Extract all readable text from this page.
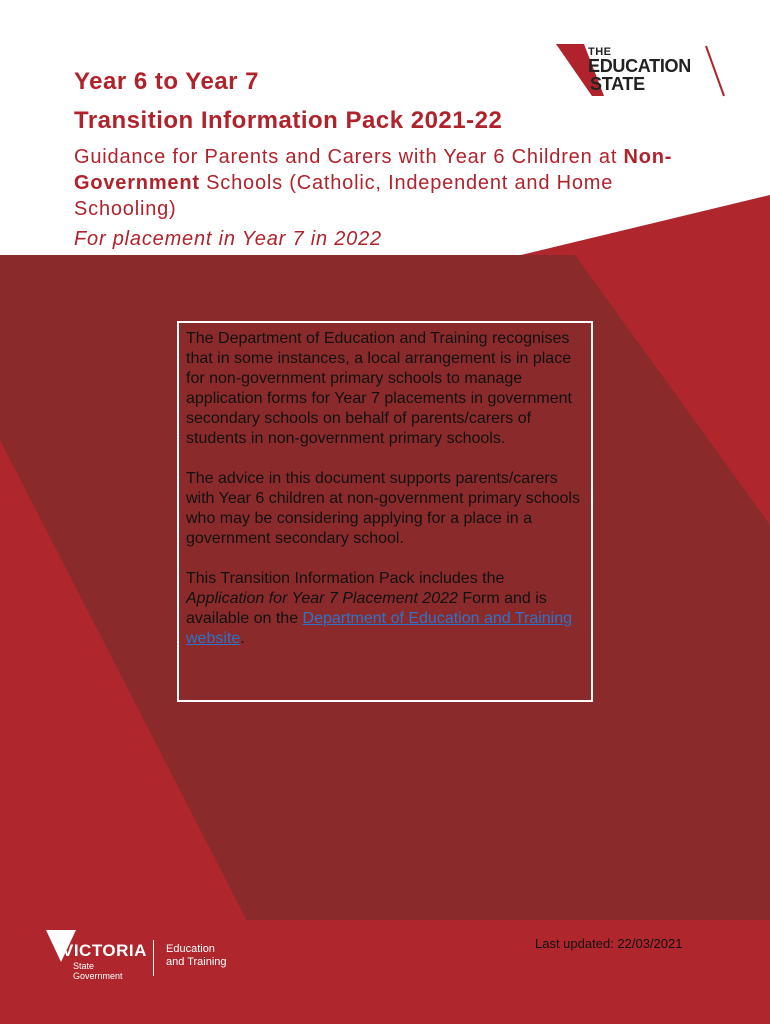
Year 6 to Year 7
Transition Information Pack 2021-22

Guidance for Parents and Carers with Year 6 Children at Non-Government Schools (Catholic, Independent and Home Schooling)

For placement in Year 7 in 2022

THE
EDUCATION
STATE

The Department of Education and Training recognises that in some instances, a local arrangement is in place for non-government primary schools to manage application forms for Year 7 placements in government secondary schools on behalf of parents/carers of students in non-government primary schools.

The advice in this document supports parents/carers with Year 6 children at non-government primary schools who may be considering applying for a place in a government secondary school.

This Transition Information Pack includes the Application for Year 7 Placement 2022 Form and is available on the Department of Education and Training website.

VICTORIA
State
Government
Education
and Training
Last updated: 22/03/2021
